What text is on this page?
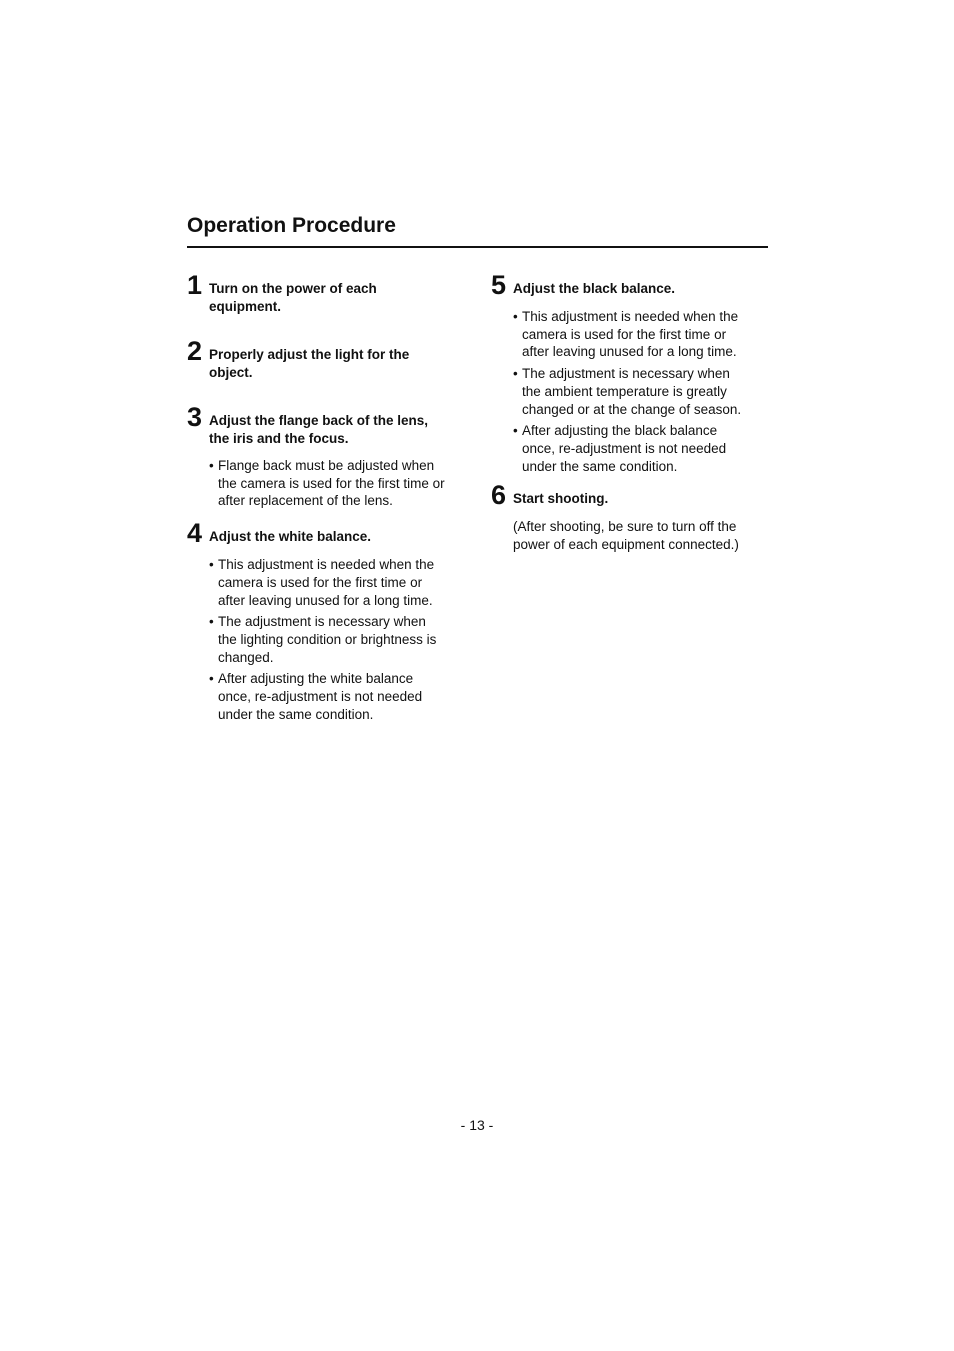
Operation Procedure
1 Turn on the power of each
equipment.
2 Properly adjust the light for the
object.
3 Adjust the flange back of the lens,
the iris and the focus.
• Flange back must be adjusted when
the camera is used for the first time or
after replacement of the lens.
4 Adjust the white balance.
• This adjustment is needed when the
camera is used for the first time or
after leaving unused for a long time.
• The adjustment is necessary when
the lighting condition or brightness is
changed.
• After adjusting the white balance
once, re-adjustment is not needed
under the same condition.
5 Adjust the black balance.
• This adjustment is needed when the
camera is used for the first time or
after leaving unused for a long time.
• The adjustment is necessary when
the ambient temperature is greatly
changed or at the change of season.
• After adjusting the black balance
once, re-adjustment is not needed
under the same condition.
6 Start shooting.
(After shooting, be sure to turn off the
power of each equipment connected.)
- 13 -
